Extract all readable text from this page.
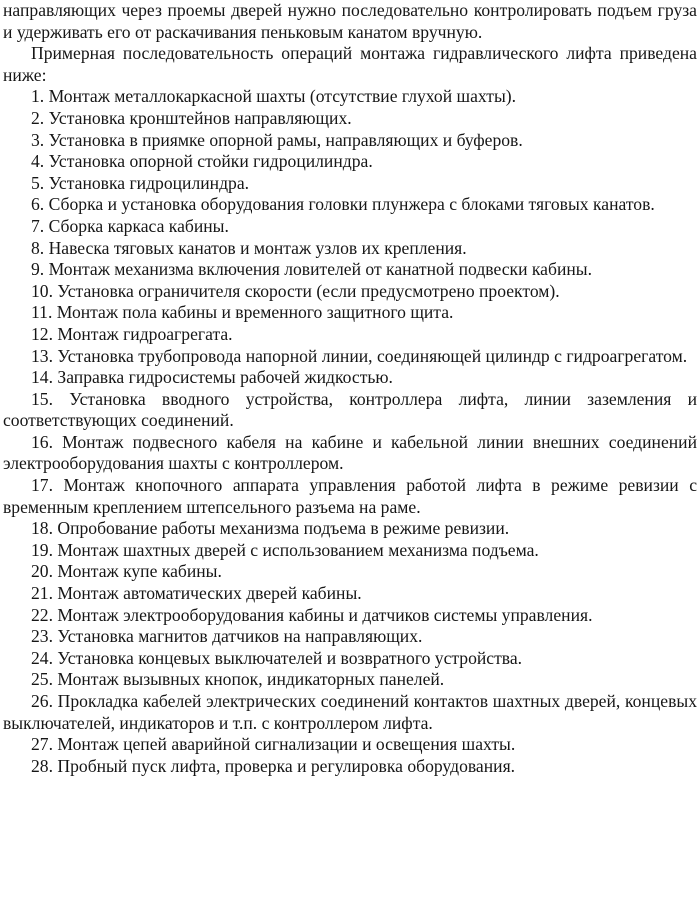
направляющих через проемы дверей нужно последовательно контролировать подъем груза и удерживать его от раскачивания пеньковым канатом вручную.

Примерная последовательность операций монтажа гидравлического лифта приведена ниже:

1. Монтаж металлокаркасной шахты (отсутствие глухой шахты).

2. Установка кронштейнов направляющих.

3. Установка в приямке опорной рамы, направляющих и буферов.

4. Установка опорной стойки гидроцилиндра.

5. Установка гидроцилиндра.

6. Сборка и установка оборудования головки плунжера с блоками тяговых канатов.

7. Сборка каркаса кабины.

8. Навеска тяговых канатов и монтаж узлов их крепления.

9. Монтаж механизма включения ловителей от канатной подвески кабины.

10. Установка ограничителя скорости (если предусмотрено проектом).

11. Монтаж пола кабины и временного защитного щита.

12. Монтаж гидроагрегата.

13. Установка трубопровода напорной линии, соединяющей цилиндр с гидроагрегатом.

14. Заправка гидросистемы рабочей жидкостью.

15. Установка вводного устройства, контроллера лифта, линии заземления и соответствующих соединений.

16. Монтаж подвесного кабеля на кабине и кабельной линии внешних соединений электрооборудования шахты с контроллером.

17. Монтаж кнопочного аппарата управления работой лифта в режиме ревизии с временным креплением штепсельного разъема на раме.

18. Опробование работы механизма подъема в режиме ревизии.

19. Монтаж шахтных дверей с использованием механизма подъема.

20. Монтаж купе кабины.

21. Монтаж автоматических дверей кабины.

22. Монтаж электрооборудования кабины и датчиков системы управления.

23. Установка магнитов датчиков на направляющих.

24. Установка концевых выключателей и возвратного устройства.

25. Монтаж вызывных кнопок, индикаторных панелей.

26. Прокладка кабелей электрических соединений контактов шахтных дверей, концевых выключателей, индикаторов и т.п. с контроллером лифта.

27. Монтаж цепей аварийной сигнализации и освещения шахты.

28. Пробный пуск лифта, проверка и регулировка оборудования.
